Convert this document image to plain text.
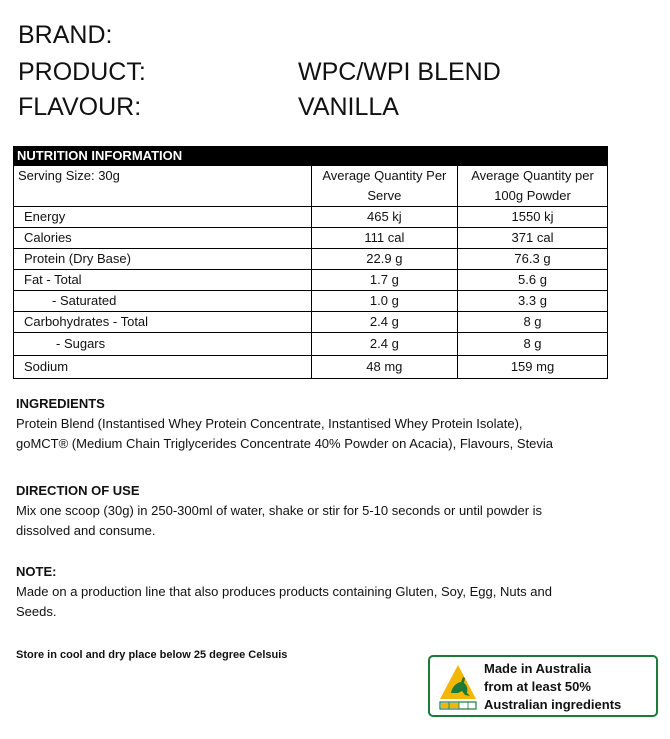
BRAND:
PRODUCT:	WPC/WPI BLEND
FLAVOUR:	VANILLA
NUTRITION INFORMATION		
Serving Size: 30g	Average Quantity Per Serve	Average Quantity per 100g Powder
Energy	465 kj	1550 kj
Calories	111 cal	371 cal
Protein (Dry Base)	22.9 g	76.3 g
Fat - Total	1.7 g	5.6 g
- Saturated	1.0 g	3.3 g
Carbohydrates - Total	2.4 g	8 g
- Sugars	2.4 g	8 g
Sodium	48 mg	159 mg
INGREDIENTS
Protein Blend (Instantised Whey Protein Concentrate, Instantised Whey Protein Isolate),
goMCT® (Medium Chain Triglycerides Concentrate 40% Powder on Acacia), Flavours, Stevia
DIRECTION OF USE
Mix one scoop (30g) in 250-300ml of water, shake or stir for 5-10 seconds or until powder is
dissolved and consume.
NOTE:
Made on a production line that also produces products containing Gluten, Soy, Egg, Nuts and
Seeds.
Store in cool and dry place below 25 degree Celsuis
Made in Australia
from at least 50%
Australian ingredients
